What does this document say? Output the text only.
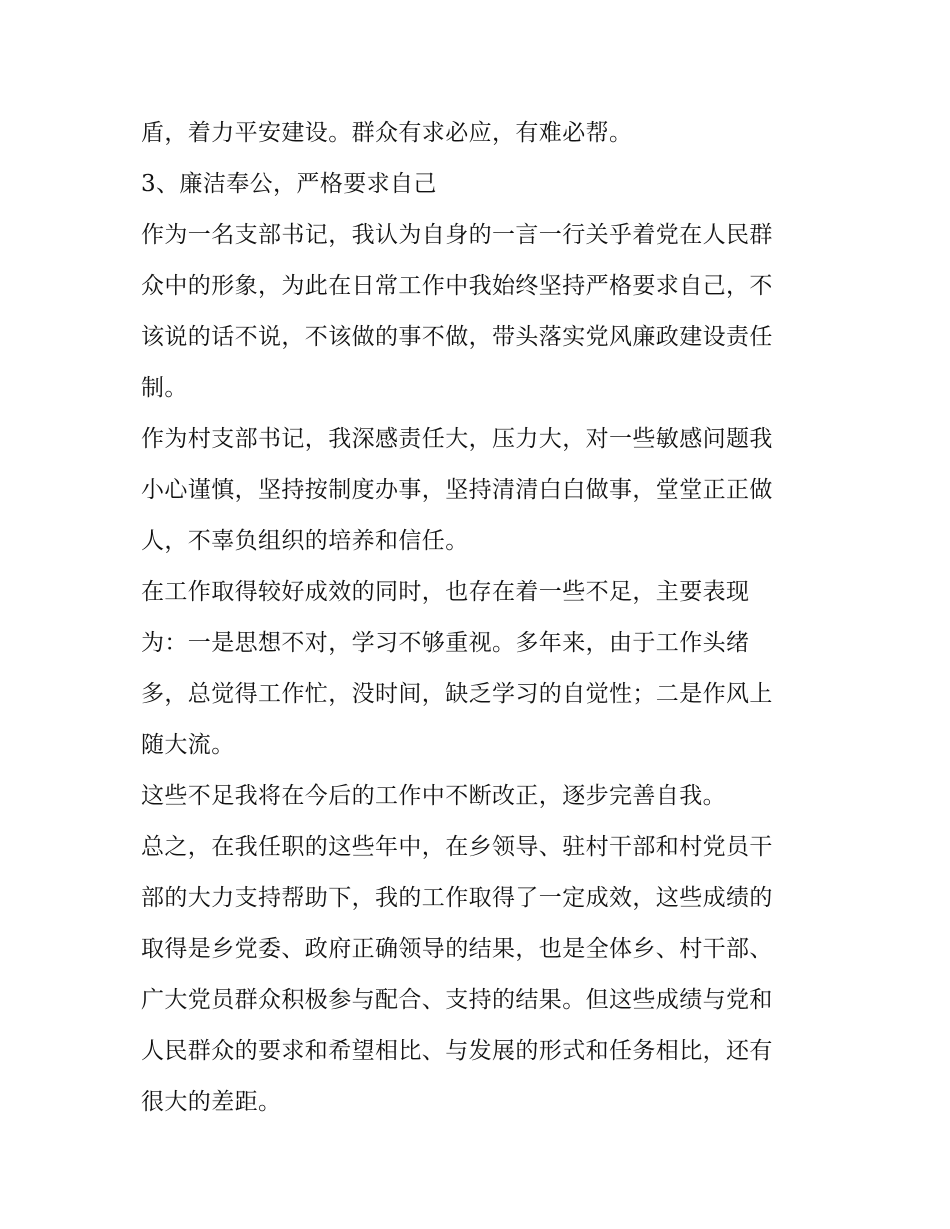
盾，着力平安建设。群众有求必应，有难必帮。
3、廉洁奉公，严格要求自己
作为一名支部书记，我认为自身的一言一行关乎着党在人民群
众中的形象，为此在日常工作中我始终坚持严格要求自己，不
该说的话不说，不该做的事不做，带头落实党风廉政建设责任
制。
作为村支部书记，我深感责任大，压力大，对一些敏感问题我
小心谨慎，坚持按制度办事，坚持清清白白做事，堂堂正正做
人，不辜负组织的培养和信任。
在工作取得较好成效的同时，也存在着一些不足，主要表现
为：一是思想不对，学习不够重视。多年来，由于工作头绪
多，总觉得工作忙，没时间，缺乏学习的自觉性；二是作风上
随大流。
这些不足我将在今后的工作中不断改正，逐步完善自我。
总之，在我任职的这些年中，在乡领导、驻村干部和村党员干
部的大力支持帮助下，我的工作取得了一定成效，这些成绩的
取得是乡党委、政府正确领导的结果，也是全体乡、村干部、
广大党员群众积极参与配合、支持的结果。但这些成绩与党和
人民群众的要求和希望相比、与发展的形式和任务相比，还有
很大的差距。
